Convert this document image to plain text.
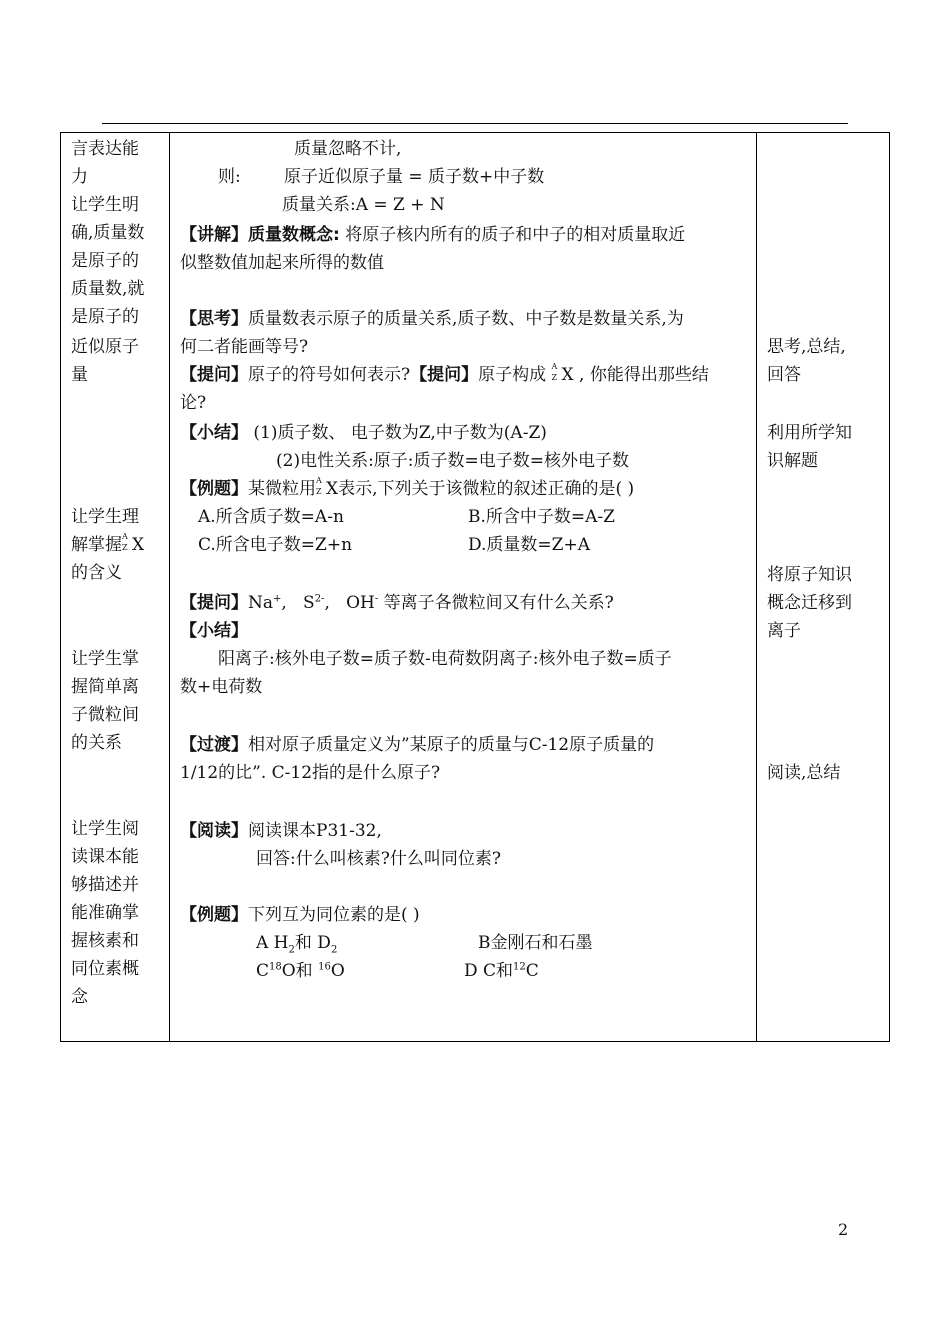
言表达能
力
让学生明
确,质量数
是原子的
质量数,就
是原子的
近似原子
量
让学生理
解掌握 A
Z X
的含义
让学生掌
握简单离
子微粒间
的关系
让学生阅
读课本能
够描述并
能准确掌
握核素和
同位素概
念

质量忽略不计,
则:	原子近似原子量 = 质子数+中子数
质量关系:A = Z + N
【讲解】质量数概念: 将原子核内所有的质子和中子的相对质量取近
似整数值加起来所得的数值
【思考】质量数表示原子的质量关系,质子数、中子数是数量关系,为
何二者能画等号?
【提问】原子的符号如何表示?【提问】原子构成 A
Z X , 你能得出那些结
论?
【小结】 (1)质子数、 电子数为Z,中子数为(A-Z)
(2)电性关系:原子:质子数=电子数=核外电子数
【例题】某微粒用 A
Z X表示,下列关于该微粒的叙述正确的是( )
A.所含质子数=A-n	B.所含中子数=A-Z
C.所含电子数=Z+n	D.质量数=Z+A
【提问】Na+,   $S^{2-}$,   OH- 等离子各微粒间又有什么关系?
【小结】
阳离子:核外电子数=质子数-电荷数阴离子:核外电子数=质子
数+电荷数
【过渡】相对原子质量定义为”某原子的质量与C-12原子质量的
1/12的比”. C-12指的是什么原子?
【阅读】阅读课本P31-32,
回答:什么叫核素?什么叫同位素?
【例题】下列互为同位素的是( )
A $H_2$和 $D_2$	B金刚石和石墨
$C^{18}O$和 $^{16}$O	D C和$^{12}$C

思考,总结,
回答
利用所学知
识解题
将原子知识
概念迁移到
离子
阅读,总结
2
